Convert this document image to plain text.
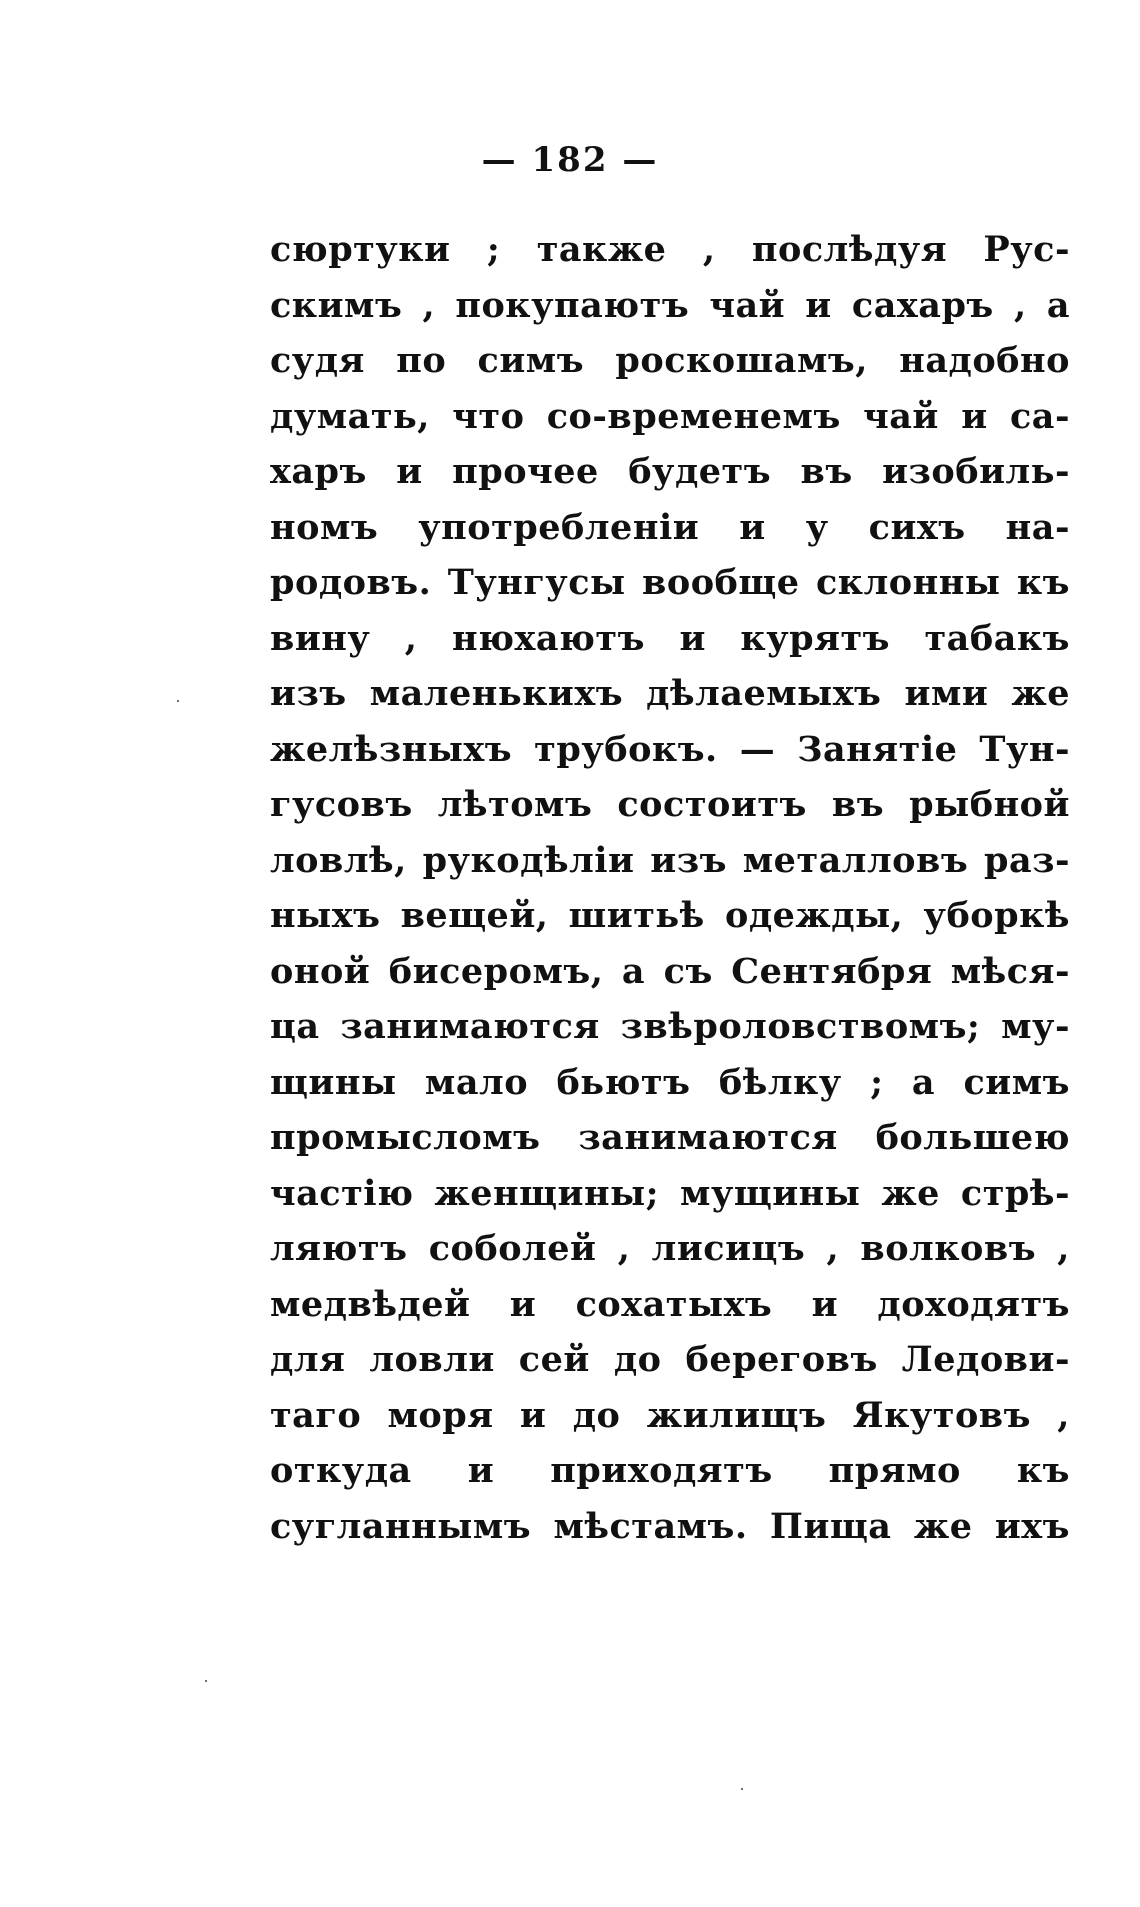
— 182 —
сюртуки ; также , послѣдуя Рус-
скимъ , покупаютъ чай и сахаръ , а
судя по симъ роскошамъ, надобно
думать, что со-временемъ чай и са-
харъ и прочее будетъ въ изобиль-
номъ употребленіи и у сихъ на-
родовъ. Тунгусы вообще склонны къ
вину , нюхаютъ и курятъ табакъ
изъ маленькихъ дѣлаемыхъ ими же
желѣзныхъ трубокъ. — Занятіе Тун-
гусовъ лѣтомъ состоитъ въ рыбной
ловлѣ, рукодѣліи изъ металловъ раз-
ныхъ вещей, шитьѣ одежды, уборкѣ
оной бисеромъ, а съ Сентября мѣся-
ца занимаются звѣроловствомъ; му-
щины мало бьютъ бѣлку ; а симъ
промысломъ занимаются большею
частію женщины; мущины же стрѣ-
ляютъ соболей , лисицъ , волковъ ,
медвѣдей и сохатыхъ и доходятъ
для ловли сей до береговъ Ледови-
таго моря и до жилищъ Якутовъ ,
откуда и приходятъ прямо къ
сугланнымъ мѣстамъ. Пища же ихъ
